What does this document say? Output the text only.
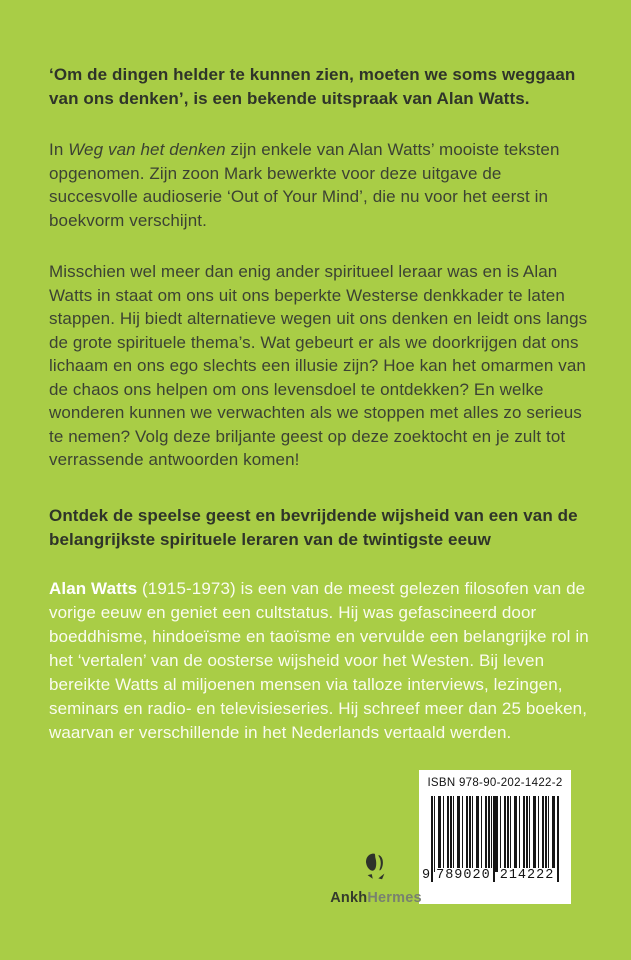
‘Om de dingen helder te kunnen zien, moeten we soms weggaan van ons denken’, is een bekende uitspraak van Alan Watts.

In Weg van het denken zijn enkele van Alan Watts’ mooiste teksten opgenomen. Zijn zoon Mark bewerkte voor deze uitgave de succesvolle audioserie ‘Out of Your Mind’, die nu voor het eerst in boekvorm verschijnt.

Misschien wel meer dan enig ander spiritueel leraar was en is Alan Watts in staat om ons uit ons beperkte Westerse denkkader te laten stappen. Hij biedt alternatieve wegen uit ons denken en leidt ons langs de grote spirituele thema’s. Wat gebeurt er als we doorkrijgen dat ons lichaam en ons ego slechts een illusie zijn? Hoe kan het omarmen van de chaos ons helpen om ons levensdoel te ontdekken? En welke wonderen kunnen we verwachten als we stoppen met alles zo serieus te nemen? Volg deze briljante geest op deze zoektocht en je zult tot verrassende antwoorden komen!

Ontdek de speelse geest en bevrijdende wijsheid van een van de belangrijkste spirituele leraren van de twintigste eeuw

Alan Watts (1915-1973) is een van de meest gelezen filosofen van de vorige eeuw en geniet een cultstatus. Hij was gefascineerd door boeddhisme, hindoeïsme en taoïsme en vervulde een belangrijke rol in het ‘vertalen’ van de oosterse wijsheid voor het Westen. Bij leven bereikte Watts al miljoenen mensen via talloze interviews, lezingen, seminars en radio- en televisieseries. Hij schreef meer dan 25 boeken, waarvan er verschillende in het Nederlands vertaald werden.

ISBN 978-90-202-1422-2
9 789020 214222
AnkhHermes
